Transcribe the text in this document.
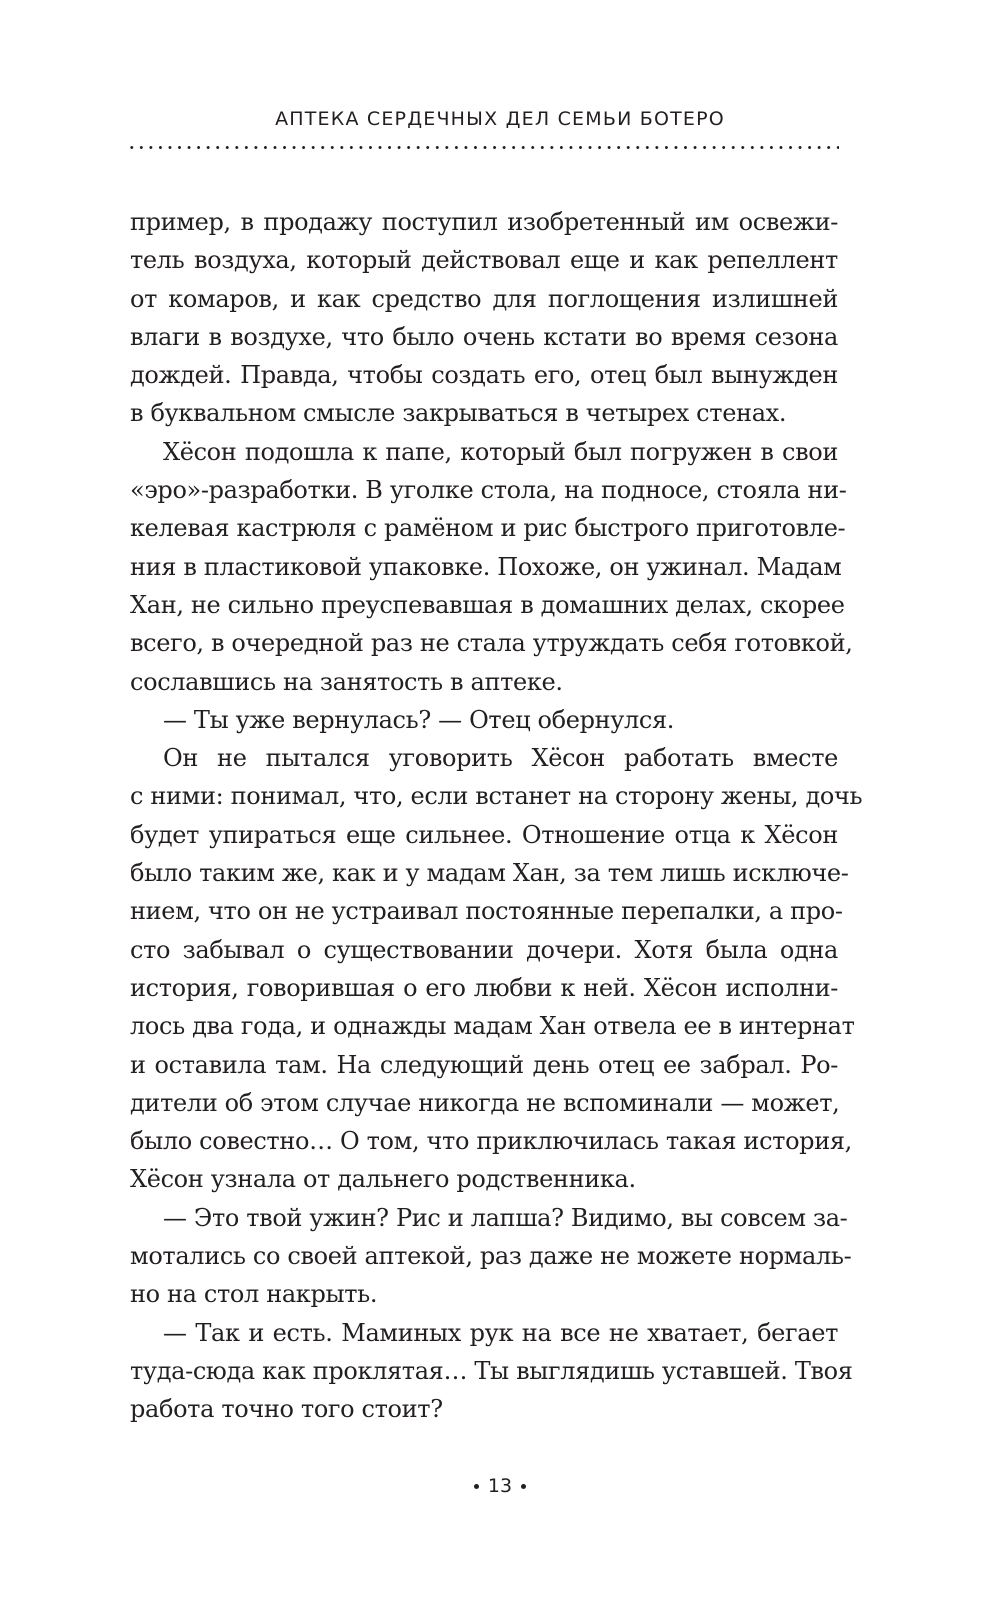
АПТЕКА СЕРДЕЧНЫХ ДЕЛ СЕМЬИ БОТЕРО
пример, в продажу поступил изобретенный им освежи-
тель воздуха, который действовал еще и как репеллент
от комаров, и как средство для поглощения излишней
влаги в воздухе, что было очень кстати во время сезона
дождей. Правда, чтобы создать его, отец был вынужден
в буквальном смысле закрываться в четырех стенах.
Хёсон подошла к папе, который был погружен в свои
«эро»-разработки. В уголке стола, на подносе, стояла ни-
келевая кастрюля с рамёном и рис быстрого приготовле-
ния в пластиковой упаковке. Похоже, он ужинал. Мадам
Хан, не сильно преуспевавшая в домашних делах, скорее
всего, в очередной раз не стала утруждать себя готовкой,
сославшись на занятость в аптеке.
— Ты уже вернулась? — Отец обернулся.
Он не пытался уговорить Хёсон работать вместе
с ними: понимал, что, если встанет на сторону жены, дочь
будет упираться еще сильнее. Отношение отца к Хёсон
было таким же, как и у мадам Хан, за тем лишь исключе-
нием, что он не устраивал постоянные перепалки, а про-
сто забывал о существовании дочери. Хотя была одна
история, говорившая о его любви к ней. Хёсон исполни-
лось два года, и однажды мадам Хан отвела ее в интернат
и оставила там. На следующий день отец ее забрал. Ро-
дители об этом случае никогда не вспоминали — может,
было совестно… О том, что приключилась такая история,
Хёсон узнала от дальнего родственника.
— Это твой ужин? Рис и лапша? Видимо, вы совсем за-
мотались со своей аптекой, раз даже не можете нормаль-
но на стол накрыть.
— Так и есть. Маминых рук на все не хватает, бегает
туда-сюда как проклятая… Ты выглядишь уставшей. Твоя
работа точно того стоит?
13
